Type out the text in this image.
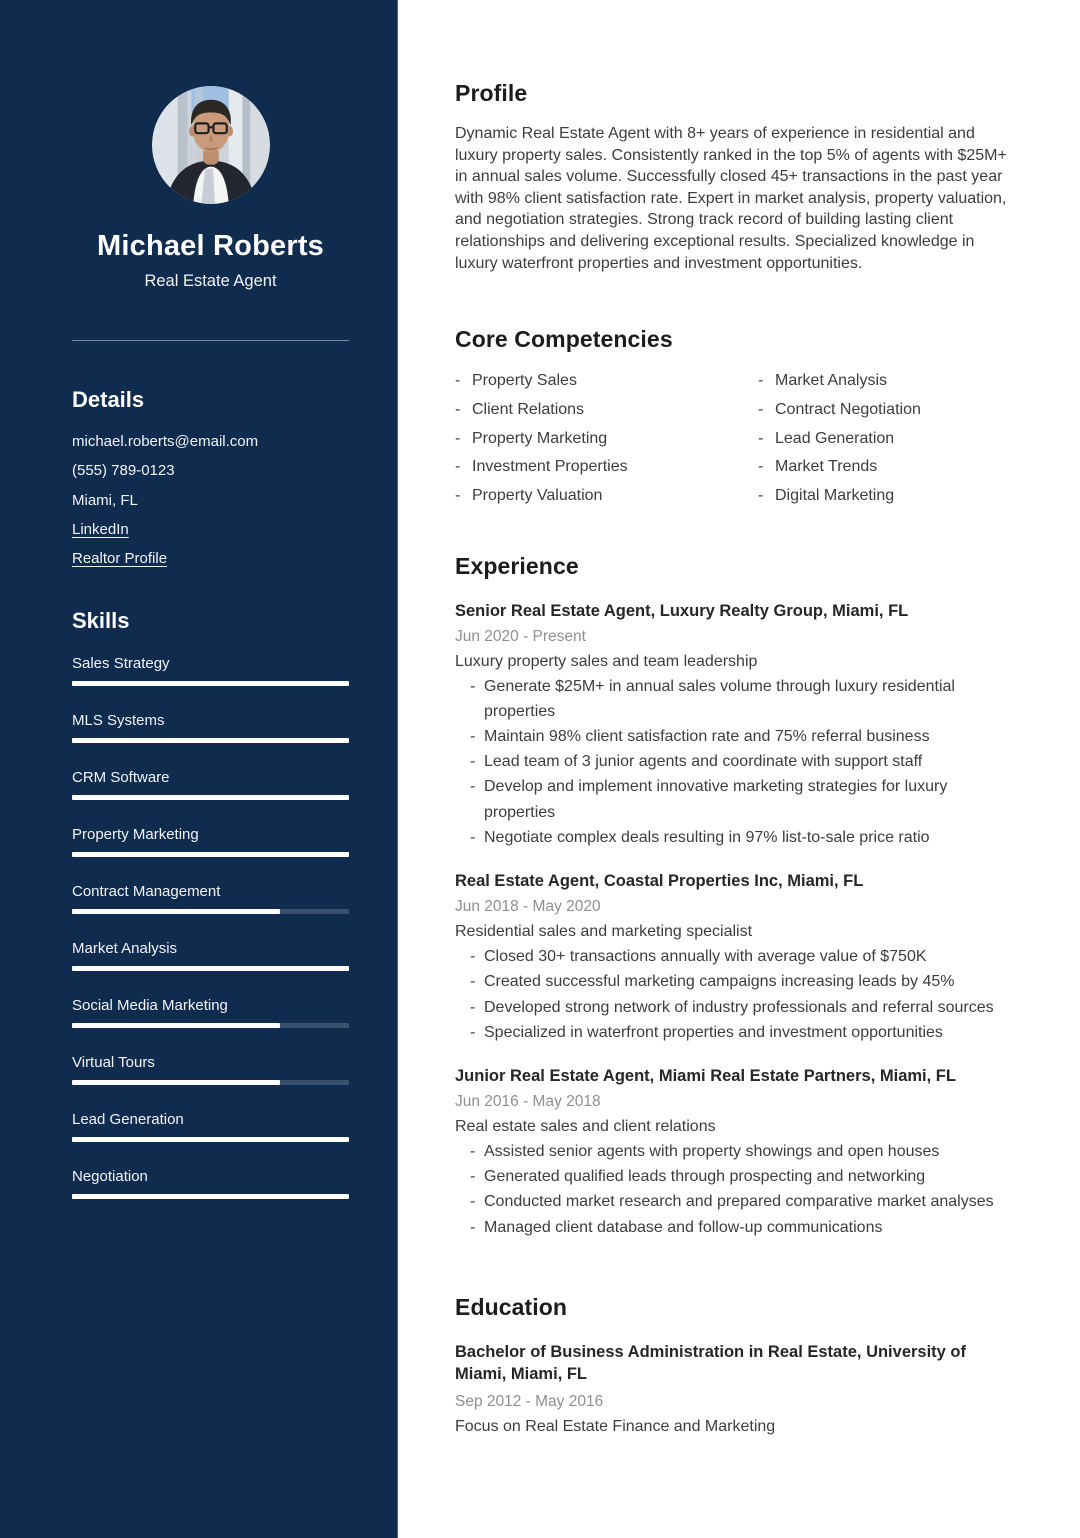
Michael Roberts
Real Estate Agent
Details
michael.roberts@email.com
(555) 789-0123
Miami, FL
LinkedIn
Realtor Profile
Skills
Sales Strategy
MLS Systems
CRM Software
Property Marketing
Contract Management
Market Analysis
Social Media Marketing
Virtual Tours
Lead Generation
Negotiation
Profile

Dynamic Real Estate Agent with 8+ years of experience in residential and luxury property sales. Consistently ranked in the top 5% of agents with $25M+ in annual sales volume. Successfully closed 45+ transactions in the past year with 98% client satisfaction rate. Expert in market analysis, property valuation, and negotiation strategies. Strong track record of building lasting client relationships and delivering exceptional results. Specialized knowledge in luxury waterfront properties and investment opportunities.

Core Competencies
- Property Sales
- Client Relations
- Property Marketing
- Investment Properties
- Property Valuation
- Market Analysis
- Contract Negotiation
- Lead Generation
- Market Trends
- Digital Marketing
Experience
Senior Real Estate Agent, Luxury Realty Group, Miami, FL
Jun 2020 - Present
Luxury property sales and team leadership
- Generate $25M+ in annual sales volume through luxury residential properties
- Maintain 98% client satisfaction rate and 75% referral business
- Lead team of 3 junior agents and coordinate with support staff
- Develop and implement innovative marketing strategies for luxury properties
- Negotiate complex deals resulting in 97% list-to-sale price ratio
Real Estate Agent, Coastal Properties Inc, Miami, FL
Jun 2018 - May 2020
Residential sales and marketing specialist
- Closed 30+ transactions annually with average value of $750K
- Created successful marketing campaigns increasing leads by 45%
- Developed strong network of industry professionals and referral sources
- Specialized in waterfront properties and investment opportunities
Junior Real Estate Agent, Miami Real Estate Partners, Miami, FL
Jun 2016 - May 2018
Real estate sales and client relations
- Assisted senior agents with property showings and open houses
- Generated qualified leads through prospecting and networking
- Conducted market research and prepared comparative market analyses
- Managed client database and follow-up communications
Education
Bachelor of Business Administration in Real Estate, University of Miami, Miami, FL
Sep 2012 - May 2016
Focus on Real Estate Finance and Marketing
